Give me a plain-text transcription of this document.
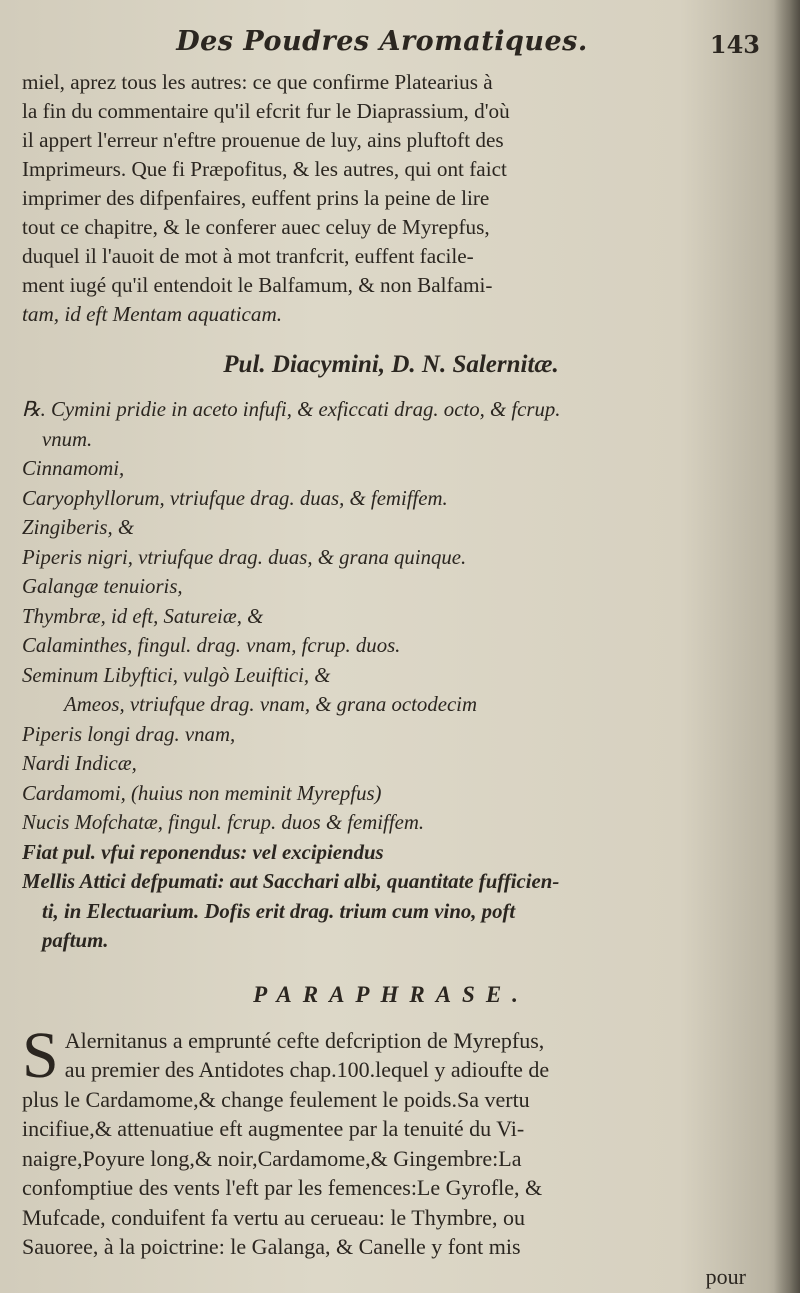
Des Poudres Aromatiques.	143

miel, aprez tous les autres: ce que confirme Platearius à
la fin du commentaire qu'il efcrit fur le Diaprassium, d'où
il appert l'erreur n'eftre prouenue de luy, ains pluftoft des
Imprimeurs. Que fi Præpofitus, & les autres, qui ont faict
imprimer des difpenfaires, euffent prins la peine de lire
tout ce chapitre, & le conferer auec celuy de Myrepfus,
duquel il l'auoit de mot à mot tranfcrit, euffent facile-
ment iugé qu'il entendoit le Balfamum, & non Balfami-
tam, id eft Mentam aquaticam.

Pul. Diacymini, D. N. Salernitæ.
℞. Cymini pridie in aceto infufi, & exficcati drag. octo, & fcrup.
vnum.
Cinnamomi,
Caryophyllorum, vtriufque drag. duas, & femiffem.
Zingiberis, &
Piperis nigri, vtriufque drag. duas, & grana quinque.
Galangæ tenuioris,
Thymbræ, id eft, Satureiæ, &
Calaminthes, fingul. drag. vnam, fcrup. duos.
Seminum Libyftici, vulgò Leuiftici, &
Ameos, vtriufque drag. vnam, & grana octodecim
Piperis longi drag. vnam,
Nardi Indicæ,
Cardamomi, (huius non meminit Myrepfus)
Nucis Mofchatæ, fingul. fcrup. duos & femiffem.
Fiat pul. vfui reponendus: vel excipiendus
Mellis Attici defpumati: aut Sacchari albi, quantitate fufficien-
ti, in Electuarium. Dofis erit drag. trium cum vino, poft
paftum.
PARAPHRASE.
S Alernitanus a emprunté cefte defcription de Myrepfus,
au premier des Antidotes chap.100.lequel y adioufte de
plus le Cardamome,& change feulement le poids.Sa vertu
incifiue,& attenuatiue eft augmentee par la tenuité du Vi-
naigre,Poyure long,& noir,Cardamome,& Gingembre:La
confomptiue des vents l'eft par les femences:Le Gyrofle, &
Mufcade, conduifent fa vertu au cerueau: le Thymbre, ou
Sauoree, à la poictrine: le Galanga, & Canelle y font mis
pour
